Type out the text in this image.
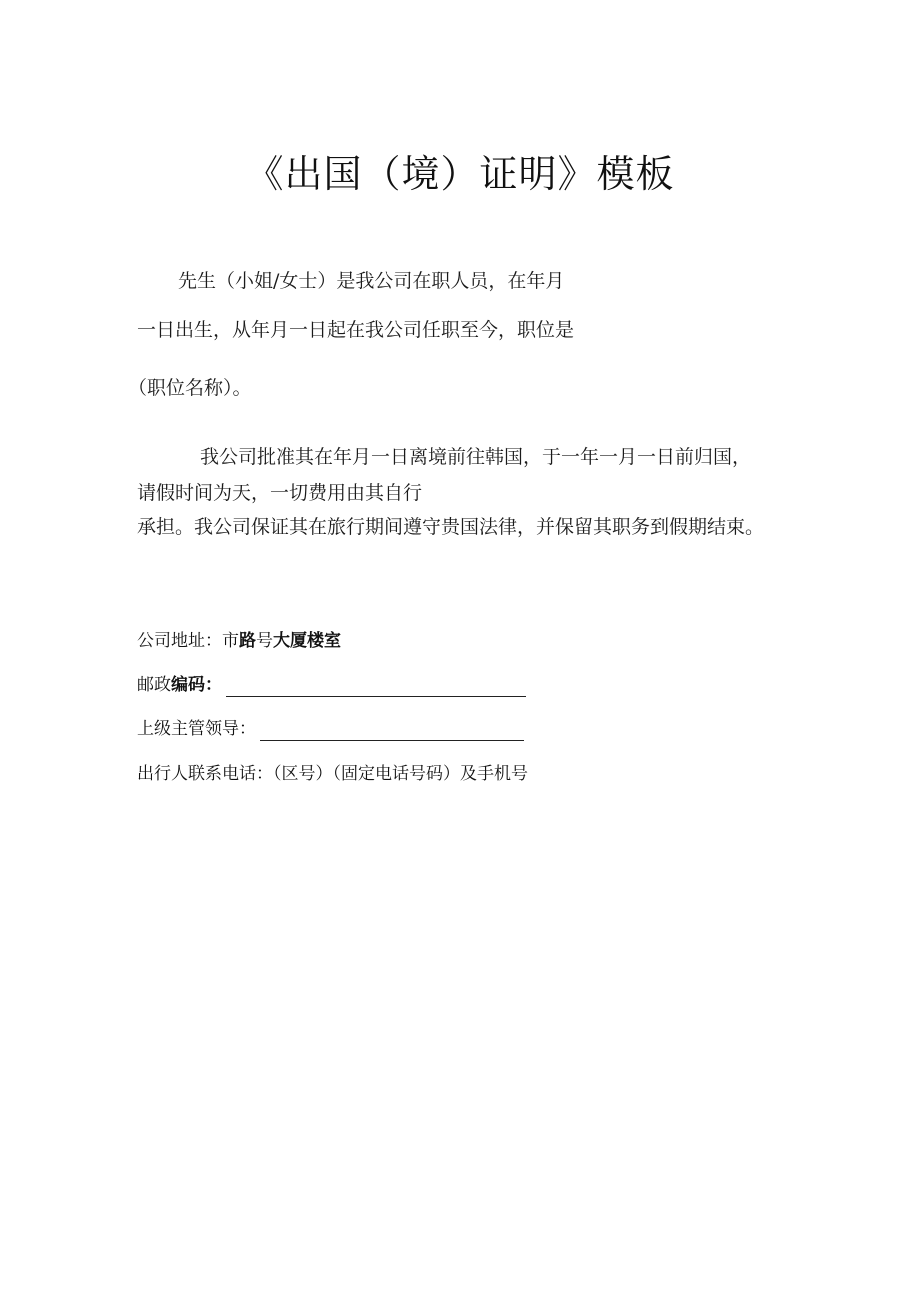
《出国（境）证明》模板
先生（小姐/女士）是我公司在职人员，在年月
一日出生，从年月一日起在我公司任职至今，职位是
（职位名称）。
我公司批准其在年月一日离境前往韩国，于一年一月一日前归国，
请假时间为天，一切费用由其自行
承担。我公司保证其在旅行期间遵守贵国法律，并保留其职务到假期结束。
公司地址：市路号大厦楼室
邮政编码：
上级主管领导：
出行人联系电话：（区号）（固定电话号码）及手机号
